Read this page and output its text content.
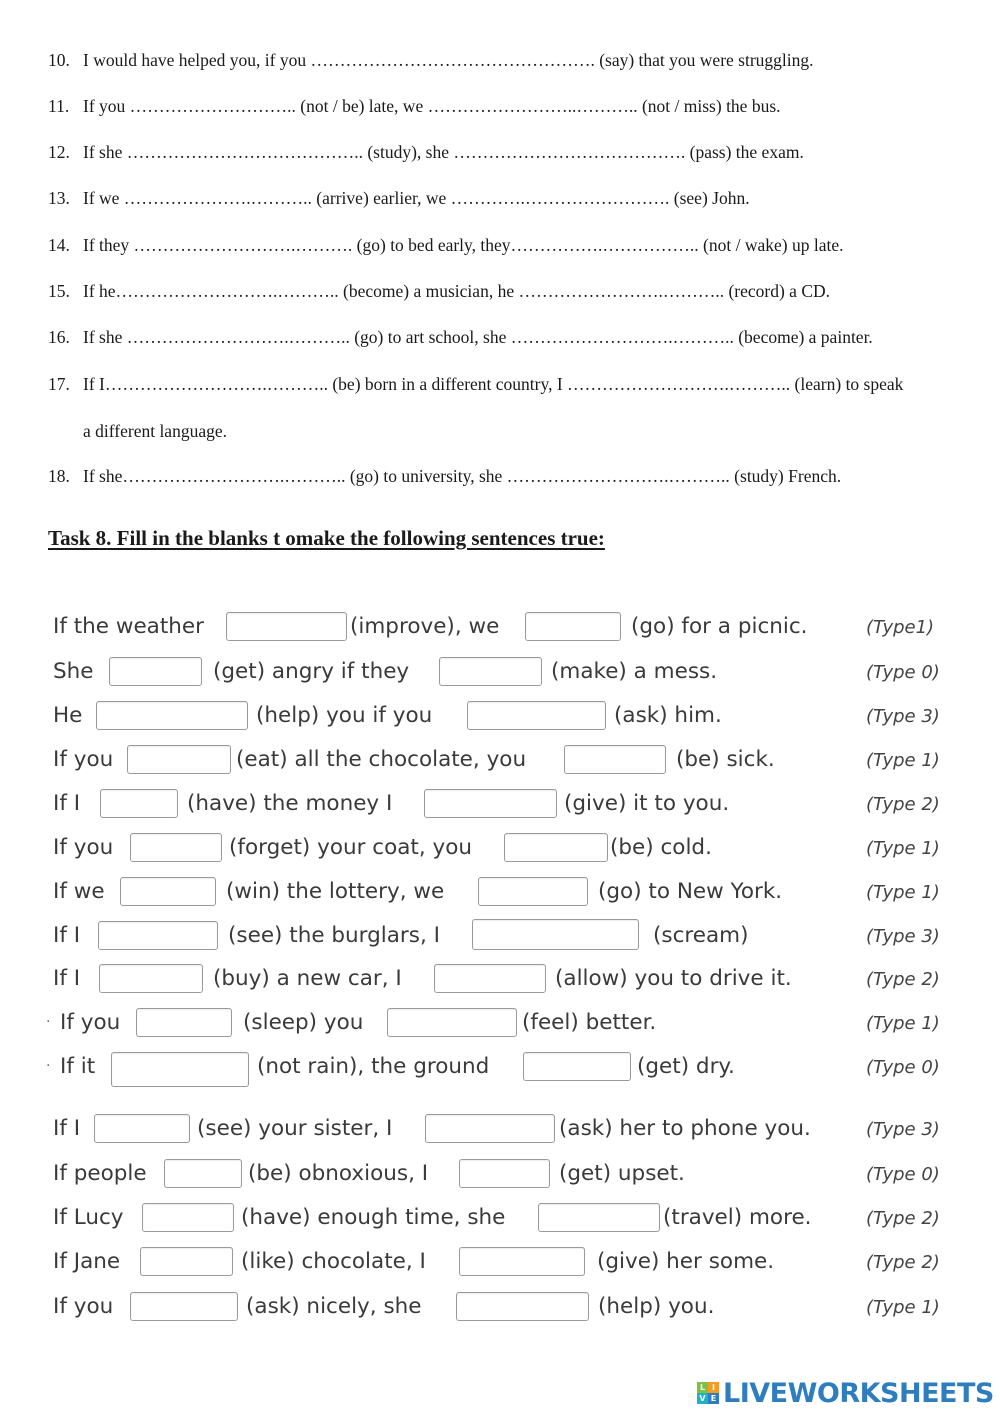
10. I would have helped you, if you …………………………………………. (say) that you were struggling.
11. If you ……………………….. (not / be) late, we ……………………..……….. (not / miss) the bus.
12. If she ………………………………….. (study), she …………………………………. (pass) the exam.
13. If we ………………….……….. (arrive) earlier, we ………….……………………. (see) John.
14. If they ……………………….………. (go) to bed early, they…………….…………….. (not / wake) up late.
15. If he……………………….……….. (become) a musician, he …………………….……….. (record) a CD.
16. If she ……………………….……….. (go) to art school, she ……………………….……….. (become) a painter.
17. If I……………………….……….. (be) born in a different country, I ……………………….……….. (learn) to speak
a different language.
18. If she……………………….……….. (go) to university, she ……………………….……….. (study) French.
Task 8. Fill in the blanks t omake the following sentences true:
If the weather	(improve), we	(go) for a picnic.	(Type1)
She	(get) angry if they	(make) a mess.	(Type 0)
He	(help) you if you	(ask) him.	(Type 3)
If you	(eat) all the chocolate, you	(be) sick.	(Type 1)
If I	(have) the money I	(give) it to you.	(Type 2)
If you	(forget) your coat, you	(be) cold.	(Type 1)
If we	(win) the lottery, we	(go) to New York.	(Type 1)
If I	(see) the burglars, I	(scream)	(Type 3)
If I	(buy) a new car, I	(allow) you to drive it.	(Type 2)
. If you	(sleep) you	(feel) better.	(Type 1)
. If it	(not rain), the ground	(get) dry.	(Type 0)
If I	(see) your sister, I	(ask) her to phone you.	(Type 3)
If people	(be) obnoxious, I	(get) upset.	(Type 0)
If Lucy	(have) enough time, she	(travel) more.	(Type 2)
If Jane	(like) chocolate, I	(give) her some.	(Type 2)
If you	(ask) nicely, she	(help) you.	(Type 1)
L I
V E LIVEWORKSHEETS
